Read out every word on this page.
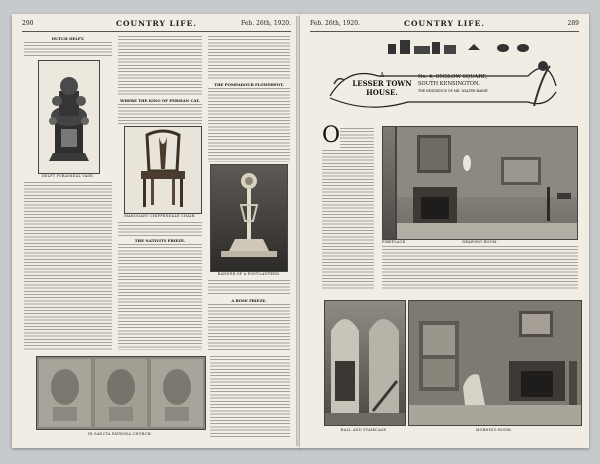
290	COUNTRY LIFE.	Feb. 26th, 1920.
DUTCH DELFT.
DELFT PYRAMIDAL VASE.
WHERE THE KING OF PERSIAN CAT.
MAHOGANY CHIPPENDALE CHAIR.
THE NATIVITY FRIEZE.
THE POMPADOUR FLOWERPOT.
BANNER OF A POST-LANTERN.
A ROSE FRIEZE.
IN SANCTA PATRONA CHURCH.
Feb. 26th, 1920.	COUNTRY LIFE.	289
A
LESSER TOWN
HOUSE.
No. 4, ONSLOW SQUARE,
SOUTH KENSINGTON.
THE RESIDENCE OF MR. WALTER BARRY.
O
FIREPLACE.	DRAWING-ROOM.
HALL AND STAIRCASE.	MORNING-ROOM.
